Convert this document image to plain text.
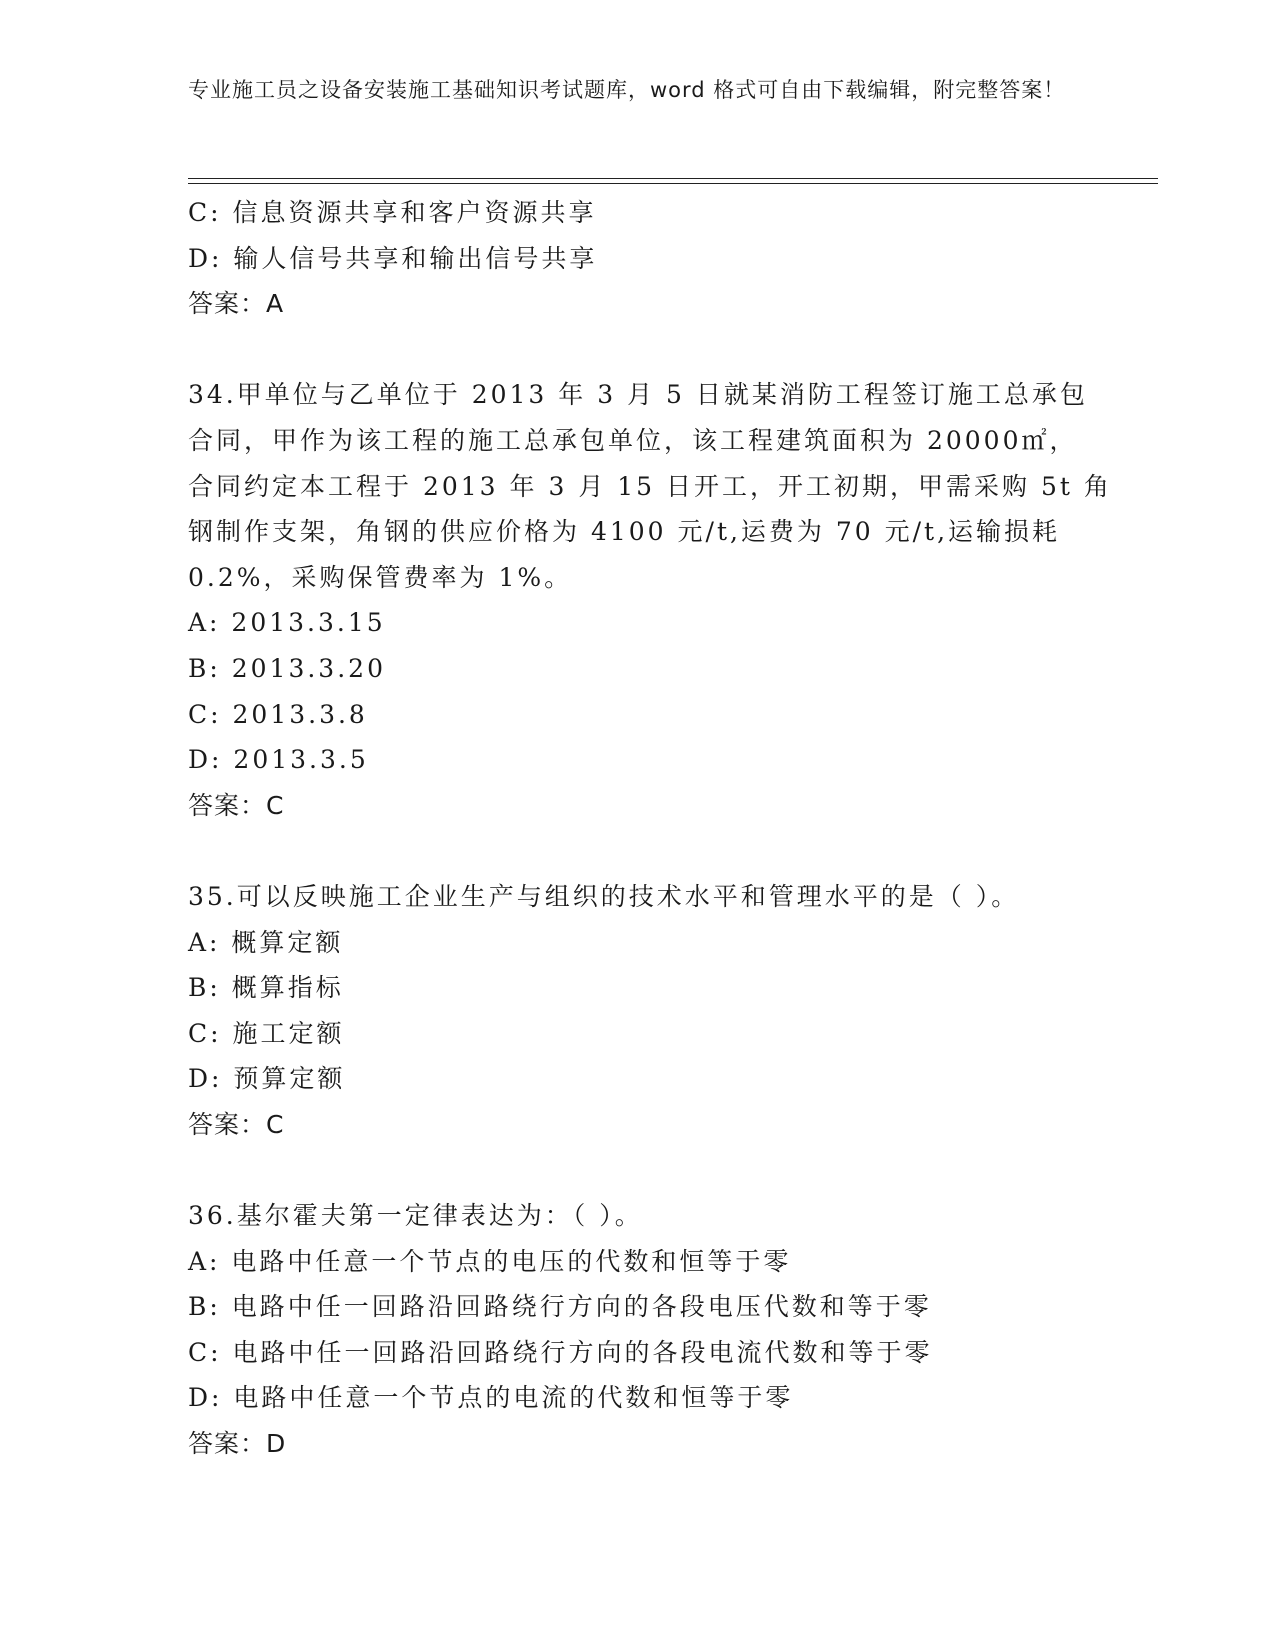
专业施工员之设备安装施工基础知识考试题库，word 格式可自由下载编辑，附完整答案！
C: 信息资源共享和客户资源共享
D: 输人信号共享和输出信号共享
答案：A
34.甲单位与乙单位于 2013 年 3 月 5 日就某消防工程签订施工总承包
合同，甲作为该工程的施工总承包单位，该工程建筑面积为 20000㎡，
合同约定本工程于 2013 年 3 月 15 日开工，开工初期，甲需采购 5t 角
钢制作支架，角钢的供应价格为 4100 元/t,运费为 70 元/t,运输损耗
0.2%，采购保管费率为 1%。
A: 2013.3.15
B: 2013.3.20
C: 2013.3.8
D: 2013.3.5
答案：C
35.可以反映施工企业生产与组织的技术水平和管理水平的是（ ）。
A: 概算定额
B: 概算指标
C: 施工定额
D: 预算定额
答案：C
36.基尔霍夫第一定律表达为：（ ）。
A: 电路中任意一个节点的电压的代数和恒等于零
B: 电路中任一回路沿回路绕行方向的各段电压代数和等于零
C: 电路中任一回路沿回路绕行方向的各段电流代数和等于零
D: 电路中任意一个节点的电流的代数和恒等于零
答案：D
